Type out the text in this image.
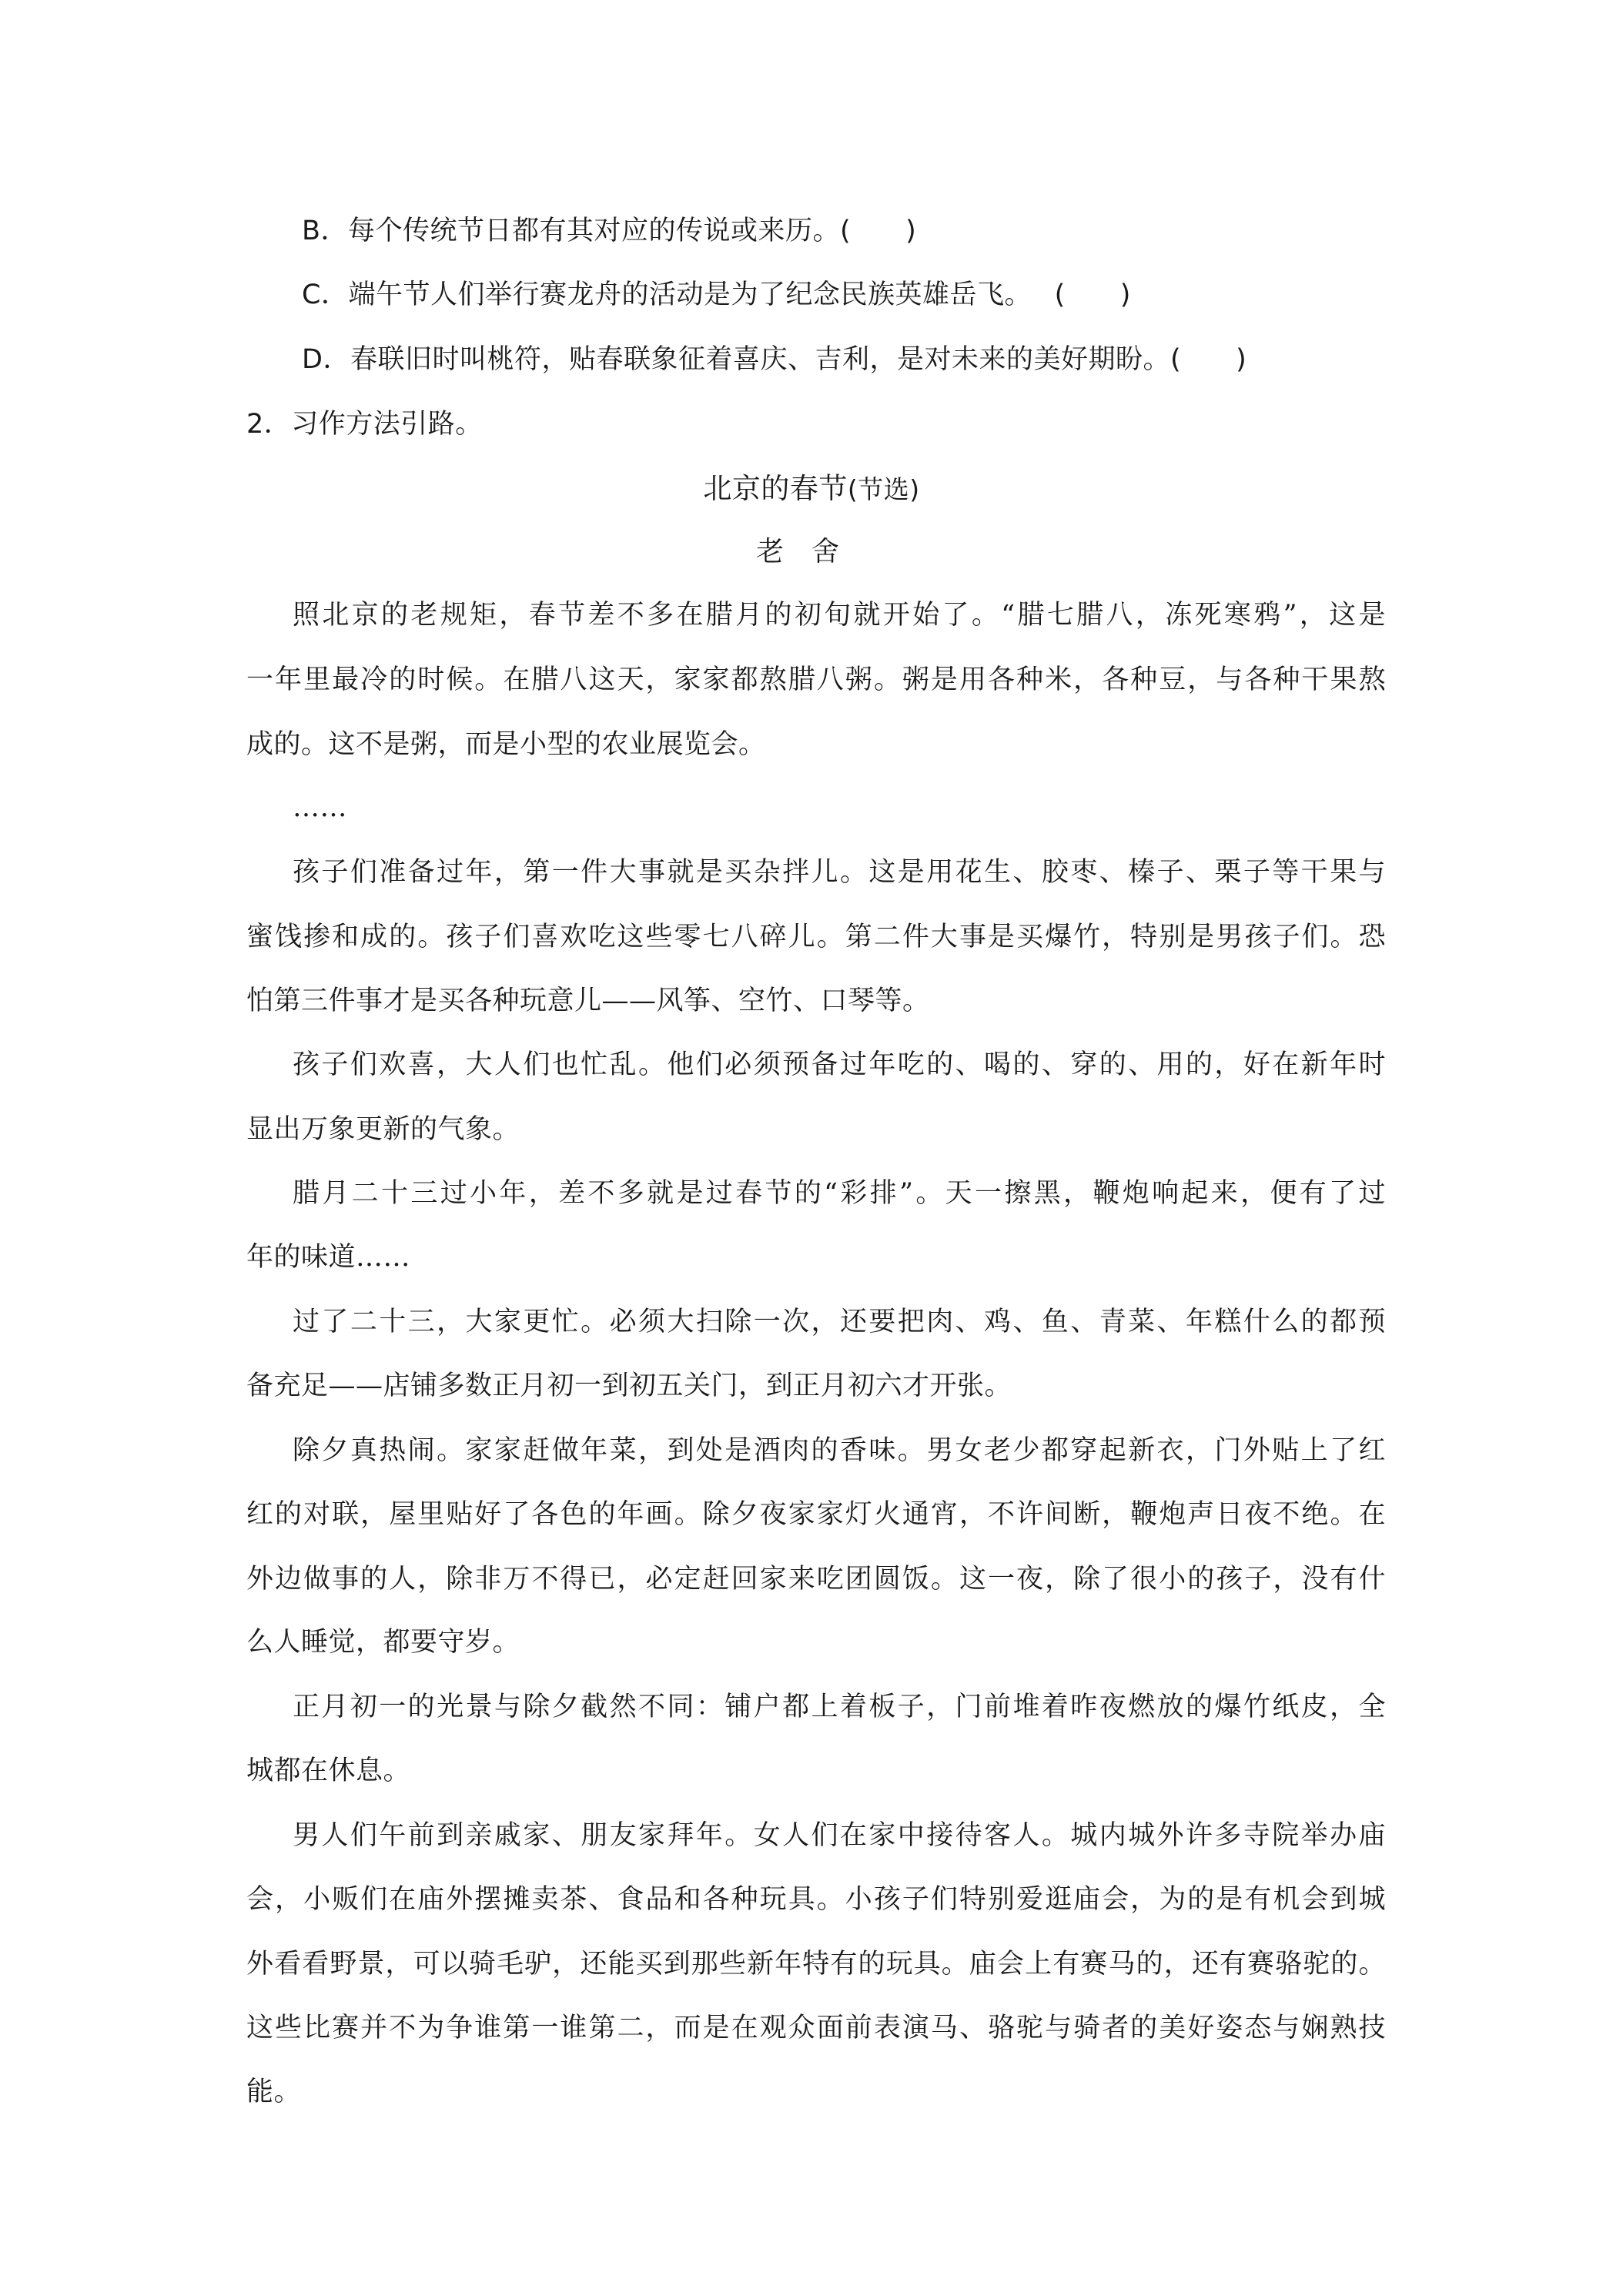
B．每个传统节日都有其对应的传说或来历。(　　)
C．端午节人们举行赛龙舟的活动是为了纪念民族英雄岳飞。　 (　　)
D．春联旧时叫桃符，贴春联象征着喜庆、吉利，是对未来的美好期盼。(　　)
2．习作方法引路。
北京的春节(节选)
老舍
照北京的老规矩，春节差不多在腊月的初旬就开始了。“腊七腊八，冻死寒鸦”，这是
一年里最冷的时候。在腊八这天，家家都熬腊八粥。粥是用各种米，各种豆，与各种干果熬
成的。这不是粥，而是小型的农业展览会。
……
孩子们准备过年，第一件大事就是买杂拌儿。这是用花生、胶枣、榛子、栗子等干果与
蜜饯掺和成的。孩子们喜欢吃这些零七八碎儿。第二件大事是买爆竹，特别是男孩子们。恐
怕第三件事才是买各种玩意儿——风筝、空竹、口琴等。
孩子们欢喜，大人们也忙乱。他们必须预备过年吃的、喝的、穿的、用的，好在新年时
显出万象更新的气象。
腊月二十三过小年，差不多就是过春节的“彩排”。天一擦黑，鞭炮响起来，便有了过
年的味道……
过了二十三，大家更忙。必须大扫除一次，还要把肉、鸡、鱼、青菜、年糕什么的都预
备充足——店铺多数正月初一到初五关门，到正月初六才开张。
除夕真热闹。家家赶做年菜，到处是酒肉的香味。男女老少都穿起新衣，门外贴上了红
红的对联，屋里贴好了各色的年画。除夕夜家家灯火通宵，不许间断，鞭炮声日夜不绝。在
外边做事的人，除非万不得已，必定赶回家来吃团圆饭。这一夜，除了很小的孩子，没有什
么人睡觉，都要守岁。
正月初一的光景与除夕截然不同：铺户都上着板子，门前堆着昨夜燃放的爆竹纸皮，全
城都在休息。
男人们午前到亲戚家、朋友家拜年。女人们在家中接待客人。城内城外许多寺院举办庙
会，小贩们在庙外摆摊卖茶、食品和各种玩具。小孩子们特别爱逛庙会，为的是有机会到城
外看看野景，可以骑毛驴，还能买到那些新年特有的玩具。庙会上有赛马的，还有赛骆驼的。
这些比赛并不为争谁第一谁第二，而是在观众面前表演马、骆驼与骑者的美好姿态与娴熟技
能。
